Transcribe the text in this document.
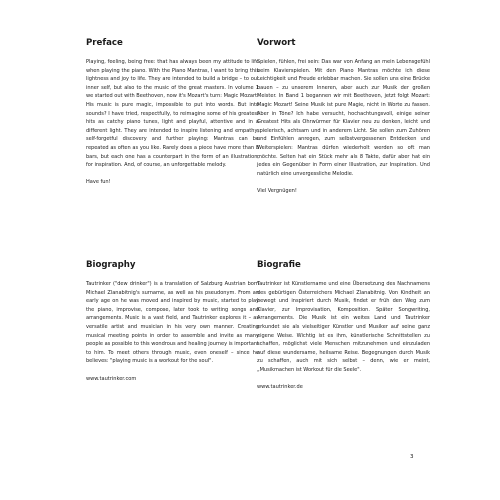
Preface

Playing, feeling, being free: that has always been my attitude to life when playing the piano. With the Piano Mantras, I want to bring this lightness and joy to life. They are intended to build a bridge – to our inner self, but also to the music of the great masters. In volume 1 we started out with Beethoven, now it's Mozart's turn: Magic Mozart! His music is pure magic, impossible to put into words. But into sounds? I have tried, respectfully, to reimagine some of his greatest hits as catchy piano tunes, light and playful, attentive and in a different light. They are intended to inspire listening and empathy, self-forgetful discovery and further playing: Mantras can be repeated as often as you like. Rarely does a piece have more than 8 bars, but each one has a counterpart in the form of an illustration, for inspiration. And, of course, an unforgettable melody.

Have fun!

Vorwort

Spielen, fühlen, frei sein: Das war von Anfang an mein Lebensgefühl beim Klavierspielen. Mit den Piano Mantras möchte ich diese Leichtigkeit und Freude erlebbar machen. Sie sollen uns eine Brücke bauen – zu unserem Inneren, aber auch zur Musik der großen Meister. In Band 1 begannen wir mit Beethoven, jetzt folgt Mozart: Magic Mozart! Seine Musik ist pure Magie, nicht in Worte zu fassen. Aber in Töne? Ich habe versucht, hochachtungsvoll, einige seiner Greatest Hits als Ohrwürmer für Klavier neu zu denken, leicht und spielerisch, achtsam und in anderem Licht. Sie sollen zum Zuhören und Einfühlen anregen, zum selbstvergessenen Entdecken und Weiterspielen: Mantras dürfen wiederholt werden so oft man möchte. Selten hat ein Stück mehr als 8 Takte, dafür aber hat ein jedes ein Gegenüber in Form einer Illustration, zur Inspiration. Und natürlich eine unvergessliche Melodie.

Viel Vergnügen!

Biography

Tautrinker ("dew drinker") is a translation of Salzburg Austrian born Michael Zlanabitnig's surname, as well as his pseudonym. From an early age on he was moved and inspired by music, started to play the piano, improvise, compose, later took to writing songs and arrangements. Music is a vast field, and Tautrinker explores it – as versatile artist and musician in his very own manner. Creating musical meeting points in order to assemble and invite as many people as possible to this wondrous and healing journey is important to him. To meet others through music, even oneself – since he believes: "playing music is a workout for the soul".

www.tautrinker.com

Biografie

Tautrinker ist Künstlername und eine Übersetzung des Nachnamens des gebürtigen Österreichers Michael Zlanabitnig. Von Kindheit an bewegt und inspiriert durch Musik, findet er früh den Weg zum Klavier, zur Improvisation, Komposition. Später Songwriting, Arrangements. Die Musik ist ein weites Land und Tautrinker erkundet sie als vielseitiger Künstler und Musiker auf seine ganz eigene Weise. Wichtig ist es ihm, künstlerische Schnittstellen zu schaffen, möglichst viele Menschen mitzunehmen und einzuladen auf diese wundersame, heilsame Reise. Begegnungen durch Musik zu schaffen, auch mit sich selbst – denn, wie er meint, „Musikmachen ist Workout für die Seele".

www.tautrinker.de

3
